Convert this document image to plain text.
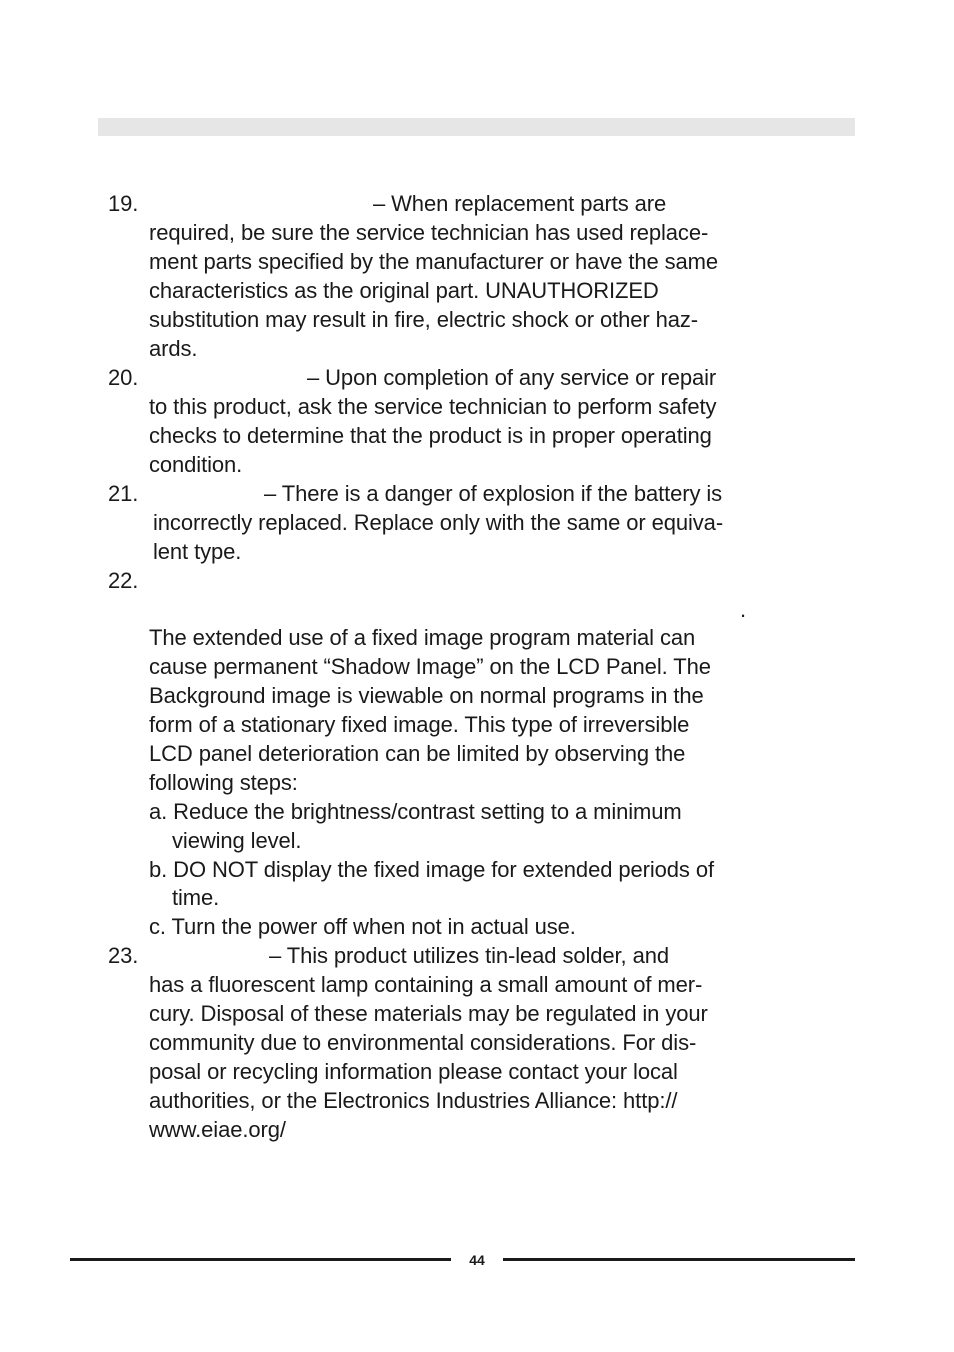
19.	– When replacement parts are
required, be sure the service technician has used replace-
ment parts specified by the manufacturer or have the same
characteristics as the original part. UNAUTHORIZED
substitution may result in fire, electric shock or other haz-
ards.
20.	– Upon completion of any service or repair
to this product, ask the service technician to perform safety
checks to determine that the product is in proper operating
condition.
21.	– There is a danger of explosion if the battery is
incorrectly replaced. Replace only with the same or equiva-
lent type.
22.
.
The extended use of a fixed image program material can
cause permanent “Shadow Image” on the LCD Panel. The
Background image is viewable on normal programs in the
form of a stationary fixed image. This type of irreversible
LCD panel deterioration can be limited by observing the
following steps:
a. Reduce the brightness/contrast setting to a minimum
viewing level.
b. DO NOT display the fixed image for extended periods of
time.
c. Turn the power off when not in actual use.
23.	– This product utilizes tin-lead solder, and
has a fluorescent lamp containing a small amount of mer-
cury. Disposal of these materials may be regulated in your
community due to environmental considerations. For dis-
posal or recycling information please contact your local
authorities, or the Electronics Industries Alliance: http://
www.eiae.org/
44
